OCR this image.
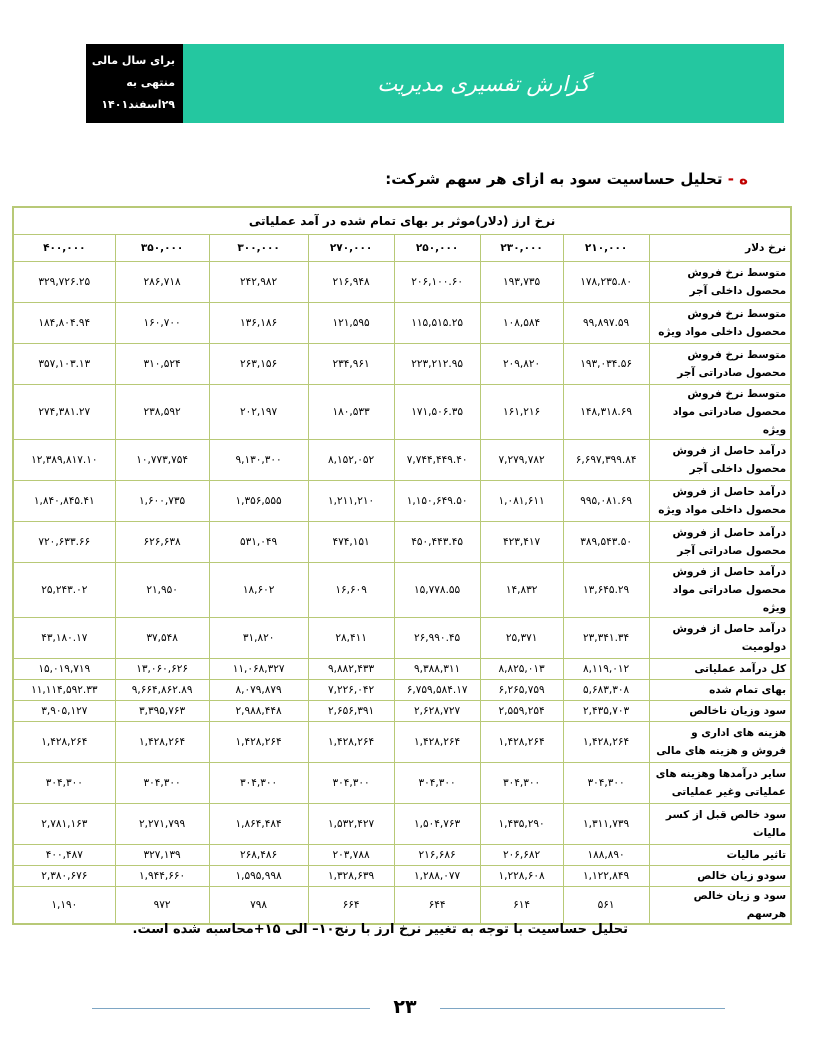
برای سال مالی
منتهی به
۲۹اسفند۱۴۰۱
گزارش تفسیری مدیریت
ه - تحلیل حساسیت سود به ازای هر سهم شرکت:
نرخ ارز (دلار)موثر بر بهای تمام شده در آمد عملیاتی							
نرخ دلار	۲۱۰,۰۰۰	۲۳۰,۰۰۰	۲۵۰,۰۰۰	۲۷۰,۰۰۰	۳۰۰,۰۰۰	۳۵۰,۰۰۰	۴۰۰,۰۰۰
متوسط نرخ فروش محصول داخلی آجر	۱۷۸,۲۳۵.۸۰	۱۹۳,۷۳۵	۲۰۶,۱۰۰.۶۰	۲۱۶,۹۴۸	۲۴۲,۹۸۲	۲۸۶,۷۱۸	۳۲۹,۷۲۶.۲۵
متوسط نرخ فروش محصول داخلی مواد ویژه	۹۹,۸۹۷.۵۹	۱۰۸,۵۸۴	۱۱۵,۵۱۵.۲۵	۱۲۱,۵۹۵	۱۳۶,۱۸۶	۱۶۰,۷۰۰	۱۸۴,۸۰۴.۹۴
متوسط نرخ فروش محصول صادراتی آجر	۱۹۳,۰۳۴.۵۶	۲۰۹,۸۲۰	۲۲۳,۲۱۲.۹۵	۲۳۴,۹۶۱	۲۶۳,۱۵۶	۳۱۰,۵۲۴	۳۵۷,۱۰۳.۱۳
متوسط نرخ فروش محصول صادراتی مواد ویژه	۱۴۸,۳۱۸.۶۹	۱۶۱,۲۱۶	۱۷۱,۵۰۶.۳۵	۱۸۰,۵۳۳	۲۰۲,۱۹۷	۲۳۸,۵۹۲	۲۷۴,۳۸۱.۲۷
درآمد حاصل از فروش محصول داخلی آجر	۶,۶۹۷,۳۹۹.۸۴	۷,۲۷۹,۷۸۲	۷,۷۴۴,۴۴۹.۴۰	۸,۱۵۲,۰۵۲	۹,۱۳۰,۳۰۰	۱۰,۷۷۳,۷۵۴	۱۲,۳۸۹,۸۱۷.۱۰
درآمد حاصل از فروش محصول داخلی مواد ویژه	۹۹۵,۰۸۱.۶۹	۱,۰۸۱,۶۱۱	۱,۱۵۰,۶۴۹.۵۰	۱,۲۱۱,۲۱۰	۱,۳۵۶,۵۵۵	۱,۶۰۰,۷۳۵	۱,۸۴۰,۸۴۵.۴۱
درآمد حاصل از فروش محصول صادراتی آجر	۳۸۹,۵۴۳.۵۰	۴۲۳,۴۱۷	۴۵۰,۴۴۳.۴۵	۴۷۴,۱۵۱	۵۳۱,۰۴۹	۶۲۶,۶۳۸	۷۲۰,۶۳۳.۶۶
درآمد حاصل از فروش محصول صادراتی مواد ویژه	۱۳,۶۴۵.۲۹	۱۴,۸۳۲	۱۵,۷۷۸.۵۵	۱۶,۶۰۹	۱۸,۶۰۲	۲۱,۹۵۰	۲۵,۲۴۳.۰۲
درآمد حاصل از فروش دولومیت	۲۳,۳۴۱.۳۴	۲۵,۳۷۱	۲۶,۹۹۰.۴۵	۲۸,۴۱۱	۳۱,۸۲۰	۳۷,۵۴۸	۴۳,۱۸۰.۱۷
کل درآمد عملیاتی	۸,۱۱۹,۰۱۲	۸,۸۲۵,۰۱۳	۹,۳۸۸,۳۱۱	۹,۸۸۲,۴۳۳	۱۱,۰۶۸,۳۲۷	۱۳,۰۶۰,۶۲۶	۱۵,۰۱۹,۷۱۹
بهای تمام شده	۵,۶۸۳,۳۰۸	۶,۲۶۵,۷۵۹	۶,۷۵۹,۵۸۴.۱۷	۷,۲۲۶,۰۴۲	۸,۰۷۹,۸۷۹	۹,۶۶۴,۸۶۲.۸۹	۱۱,۱۱۴,۵۹۲.۳۳
سود وزیان ناخالص	۲,۴۳۵,۷۰۳	۲,۵۵۹,۲۵۴	۲,۶۲۸,۷۲۷	۲,۶۵۶,۳۹۱	۲,۹۸۸,۴۴۸	۳,۳۹۵,۷۶۳	۳,۹۰۵,۱۲۷
هزینه های اداری و فروش و هزینه های مالی	۱,۴۲۸,۲۶۴	۱,۴۲۸,۲۶۴	۱,۴۲۸,۲۶۴	۱,۴۲۸,۲۶۴	۱,۴۲۸,۲۶۴	۱,۴۲۸,۲۶۴	۱,۴۲۸,۲۶۴
سایر درآمدها وهزینه های عملیاتی وغیر عملیاتی	۳۰۴,۳۰۰	۳۰۴,۳۰۰	۳۰۴,۳۰۰	۳۰۴,۳۰۰	۳۰۴,۳۰۰	۳۰۴,۳۰۰	۳۰۴,۳۰۰
سود خالص قبل از کسر مالیات	۱,۳۱۱,۷۳۹	۱,۴۳۵,۲۹۰	۱,۵۰۴,۷۶۳	۱,۵۳۲,۴۲۷	۱,۸۶۴,۴۸۴	۲,۲۷۱,۷۹۹	۲,۷۸۱,۱۶۳
تاثیر مالیات	۱۸۸,۸۹۰	۲۰۶,۶۸۲	۲۱۶,۶۸۶	۲۰۳,۷۸۸	۲۶۸,۴۸۶	۳۲۷,۱۳۹	۴۰۰,۴۸۷
سودو زیان خالص	۱,۱۲۲,۸۴۹	۱,۲۲۸,۶۰۸	۱,۲۸۸,۰۷۷	۱,۳۲۸,۶۳۹	۱,۵۹۵,۹۹۸	۱,۹۴۴,۶۶۰	۲,۳۸۰,۶۷۶
سود و زیان خالص هرسهم	۵۶۱	۶۱۴	۶۴۴	۶۶۴	۷۹۸	۹۷۲	۱,۱۹۰
تحلیل حساسیت با توجه به تغییر نرخ ارز با رنج۱۰– الی ۱۵+محاسبه شده است.
۲۳
